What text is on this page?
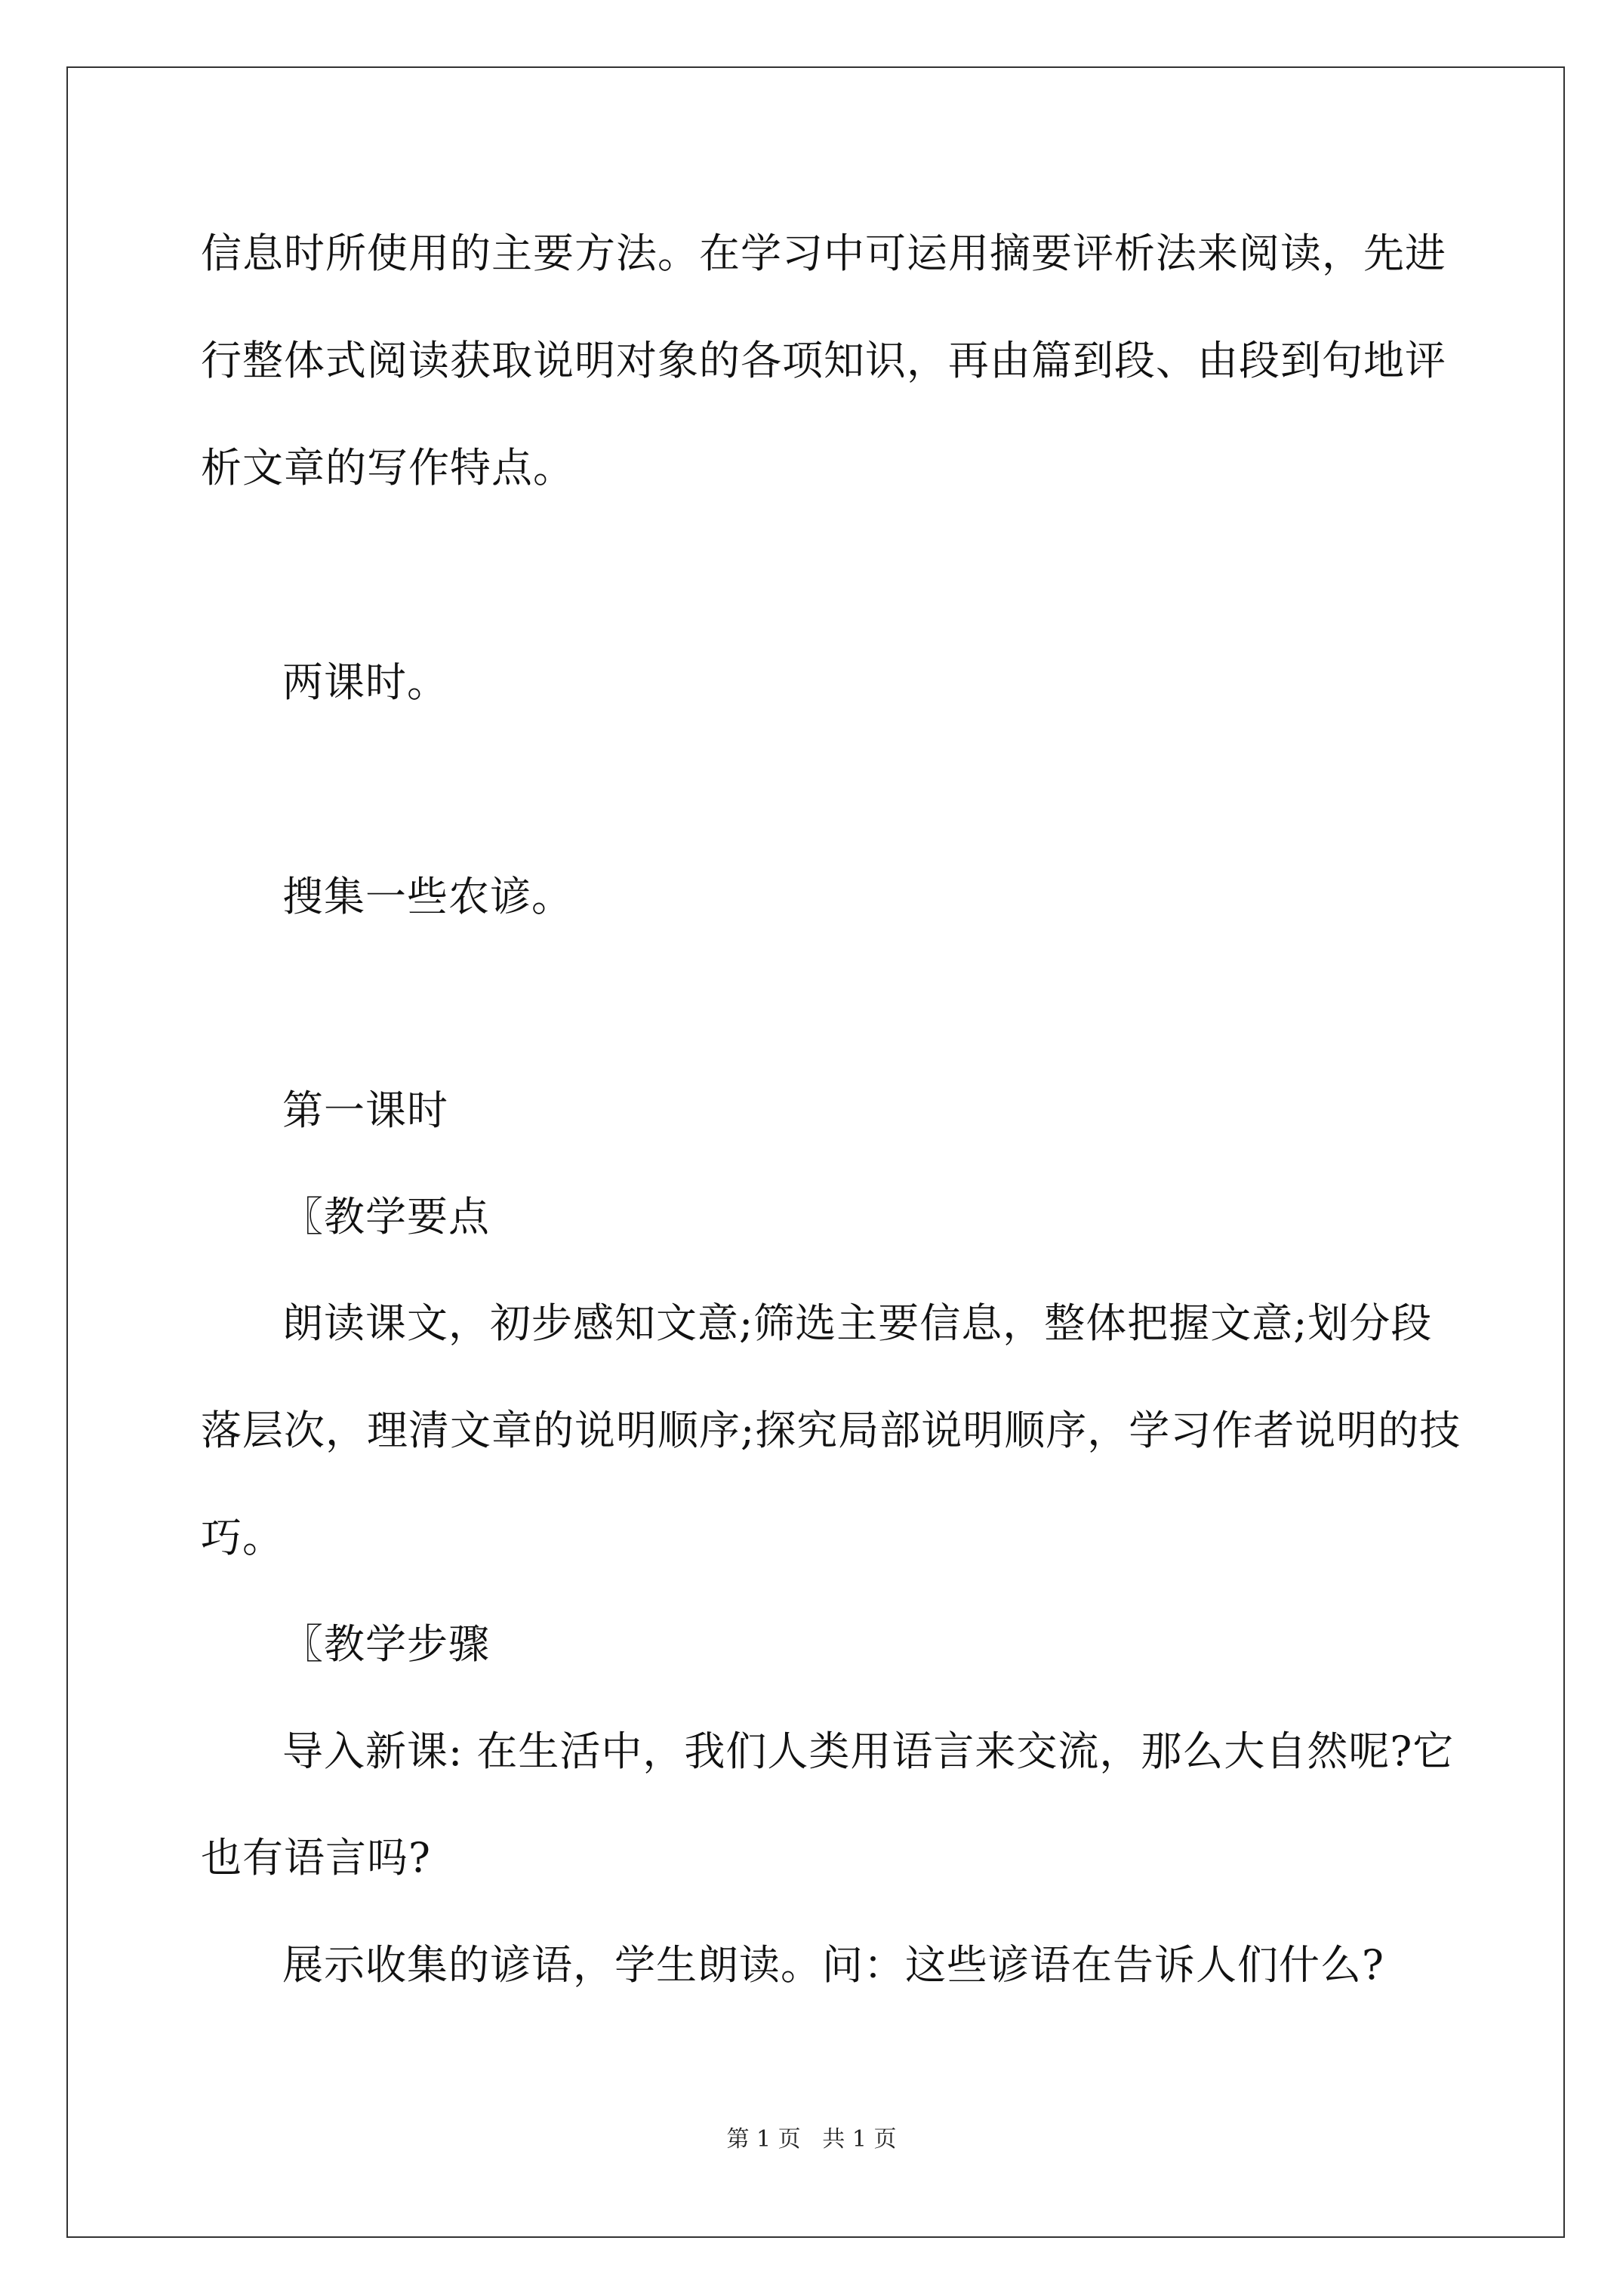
信息时所使用的主要方法。在学习中可运用摘要评析法来阅读，先进

行整体式阅读获取说明对象的各项知识，再由篇到段、由段到句地评

析文章的写作特点。

两课时。

搜集一些农谚。

第一课时

〖教学要点

朗读课文，初步感知文意;筛选主要信息，整体把握文意;划分段

落层次，理清文章的说明顺序;探究局部说明顺序，学习作者说明的技

巧。

〖教学步骤

导入新课: 在生活中，我们人类用语言来交流，那么大自然呢?它

也有语言吗?

展示收集的谚语，学生朗读。问：这些谚语在告诉人们什么?

第 1 页 共 1 页
